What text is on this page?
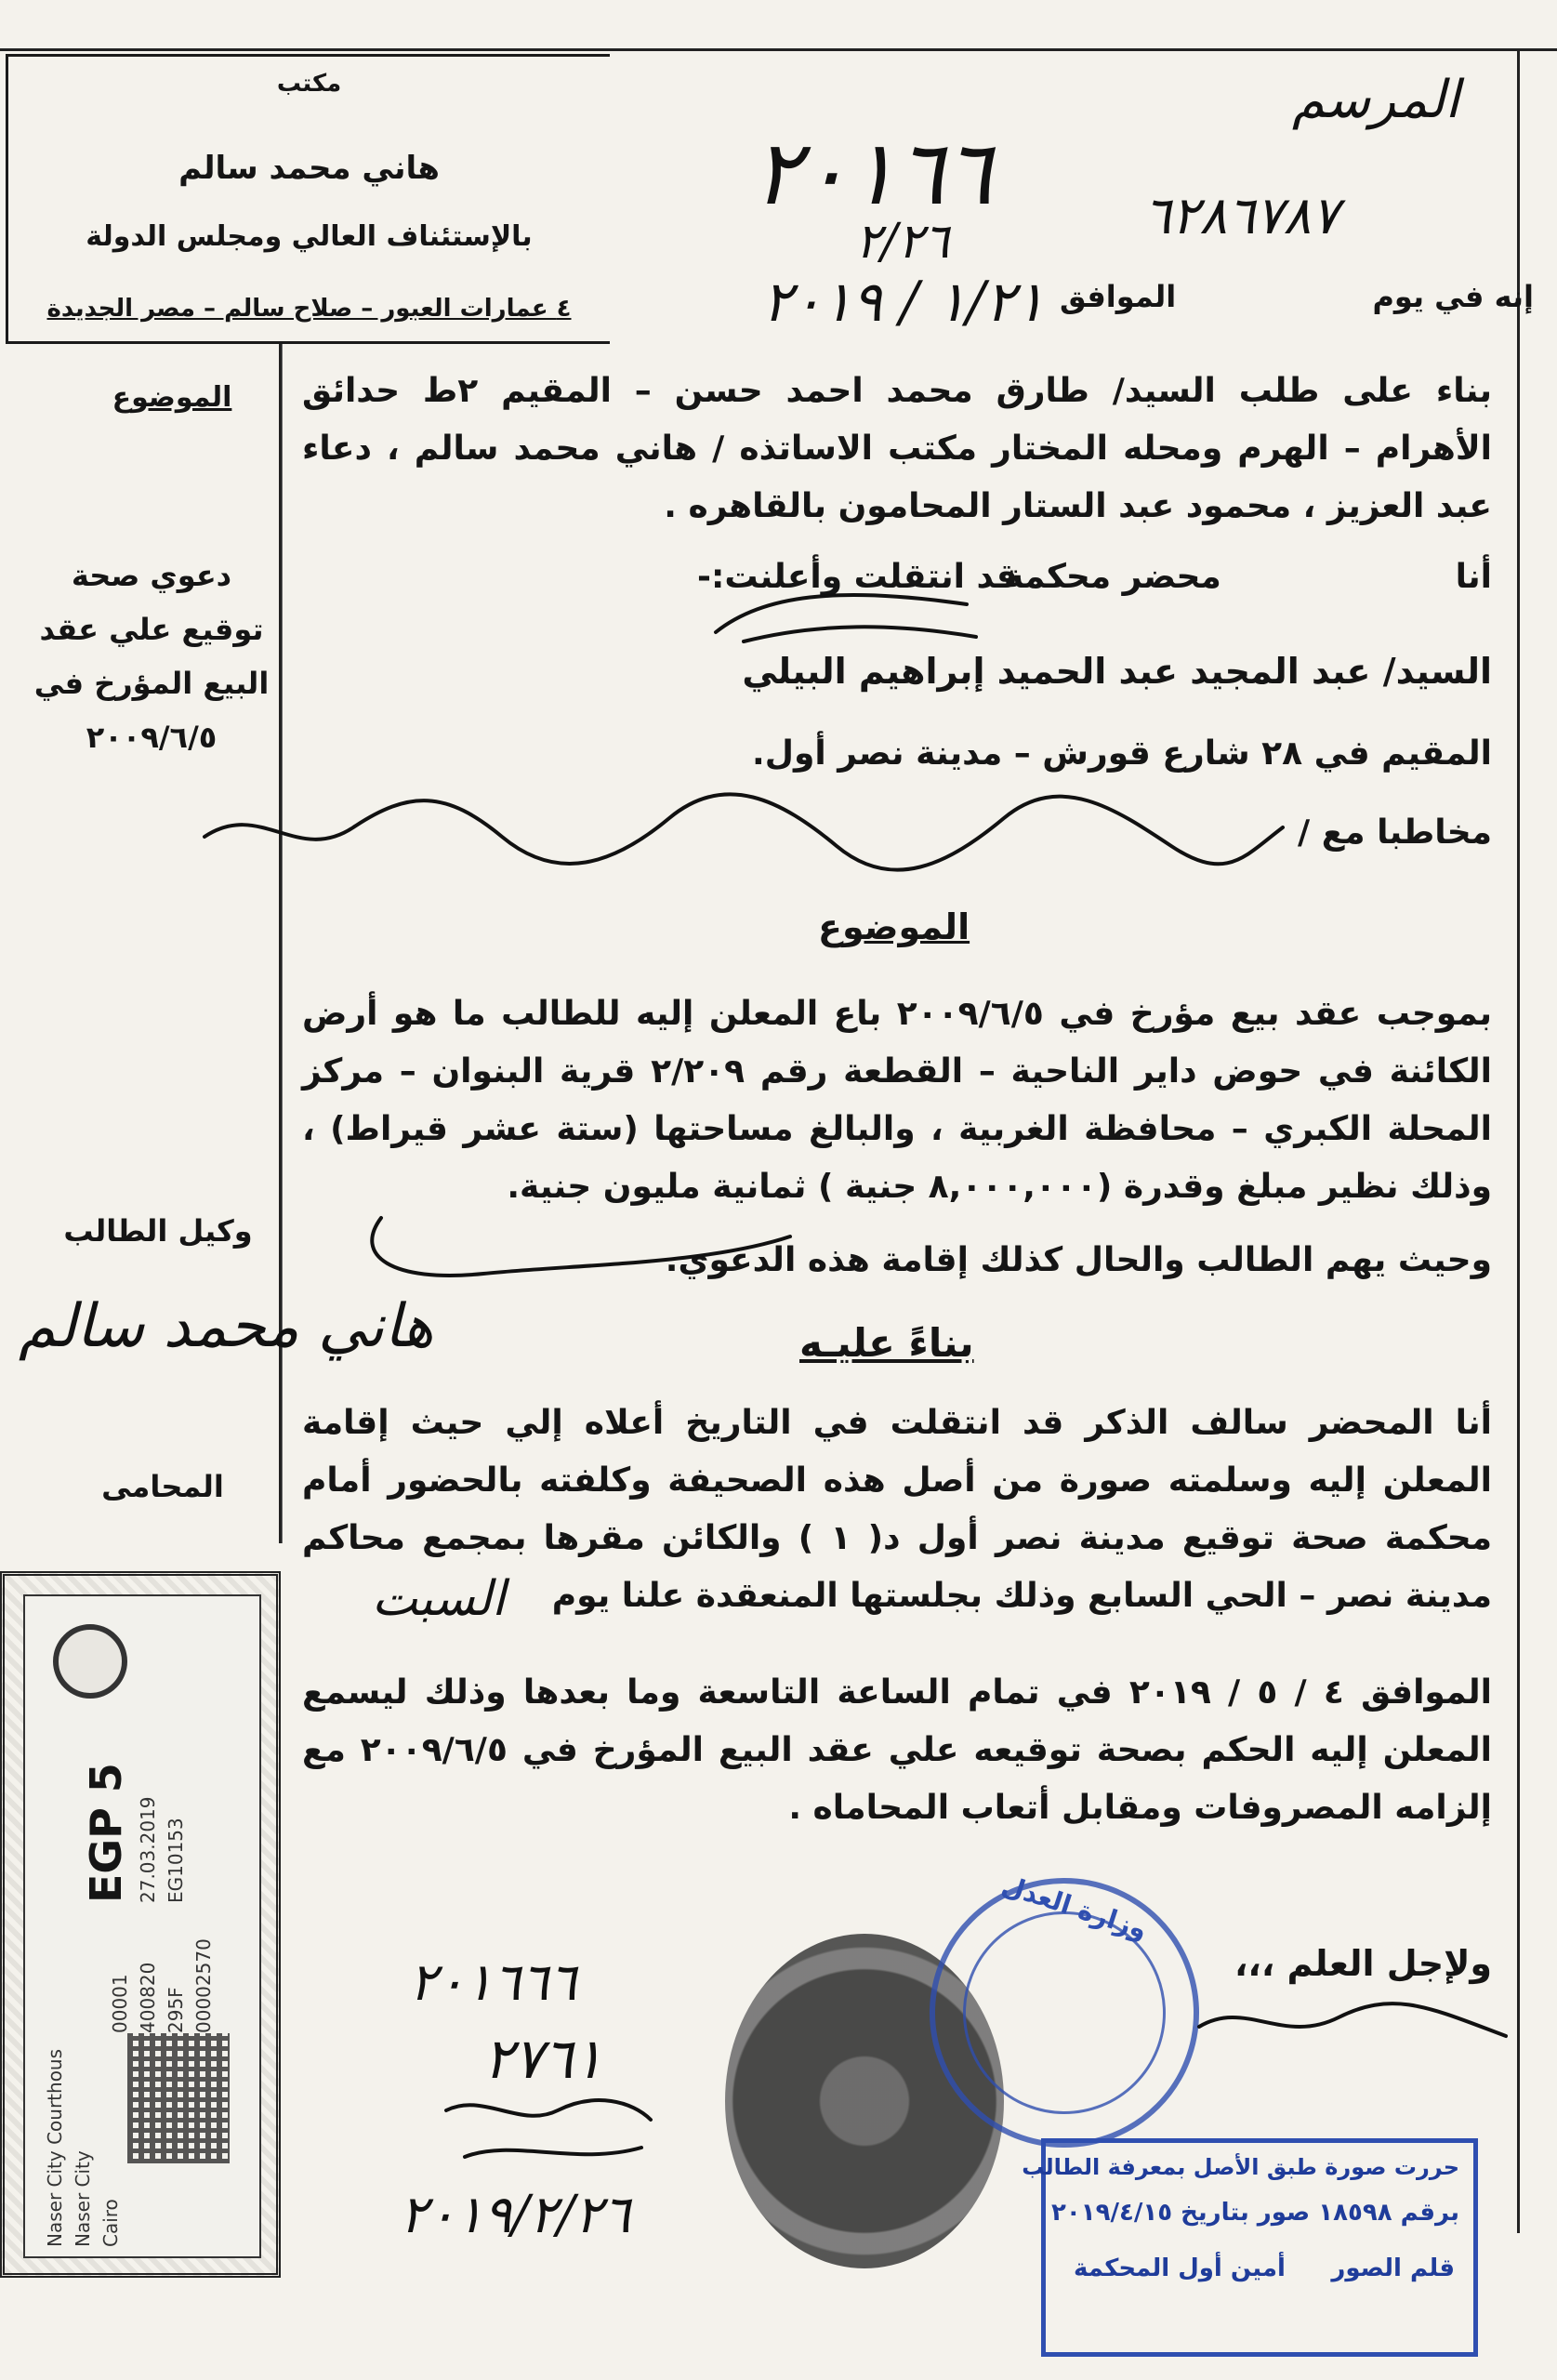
مكتب
هاني محمد سالم
بالإستئناف العالي ومجلس الدولة
٤ عمارات العبور – صلاح سالم – مصر الجديدة
٢٠١٦٦
المرسم
٦٢٨٦٧٨٧
٢/٢٦
١/٢١ / ٢٠١٩	إنه في يوم
الموافق
الموضوع
دعوي صحة توقيع علي عقد البيع المؤرخ في ٢٠٠٩/٦/٥
وكيل الطالب
هاني محمد سالم
المحامى
بناء على طلب السيد/ طارق محمد احمد حسن – المقيم ٢ط حدائق الأهرام – الهرم ومحله المختار مكتب الاساتذه / هاني محمد سالم ، دعاء عبد العزيز ، محمود عبد الستار المحامون بالقاهره .
أنا
محضر محكمة
قد انتقلت وأعلنت:-
السيد/ عبد المجيد عبد الحميد إبراهيم البيلي
المقيم في ٢٨ شارع قورش – مدينة نصر أول.
مخاطبا مع /
الموضوع
بموجب عقد بيع مؤرخ في ٢٠٠٩/٦/٥ باع المعلن إليه للطالب ما هو أرض الكائنة في حوض داير الناحية – القطعة رقم ٢/٢٠٩ قرية البنوان – مركز المحلة الكبري – محافظة الغربية ، والبالغ مساحتها (ستة عشر قيراط) ، وذلك نظير مبلغ وقدرة (٨,٠٠٠,٠٠٠ جنية ) ثمانية مليون جنية.
وحيث يهم الطالب والحال كذلك إقامة هذه الدعوي.
بناءً عليـه
أنا المحضر سالف الذكر قد انتقلت في التاريخ أعلاه إلي حيث إقامة المعلن إليه وسلمته صورة من أصل هذه الصحيفة وكلفته بالحضور أمام محكمة صحة توقيع مدينة نصر أول د( ١ ) والكائن مقرها بمجمع محاكم مدينة نصر – الحي السابع وذلك بجلستها المنعقدة علنا يوم
السبت
الموافق ٤ / ٥ / ٢٠١٩ في تمام الساعة التاسعة وما بعدها وذلك ليسمع المعلن إليه الحكم بصحة توقيعه علي عقد البيع المؤرخ في ٢٠٠٩/٦/٥ مع إلزامه المصروفات ومقابل أتعاب المحاماه .
ولإجل العلم ،،،
5 EGP
27.03.2019 EG10153
400820 295F 00002570
00001
Naser City Courthous Naser City Cairo
وزارة العدل
حررت صورة طبق الأصل بمعرفة الطالب
برقم ١٨٥٩٨ صور بتاريخ ٢٠١٩/٤/١٥
أمين أول المحكمة قلم الصور
٢٠١٦٦٦
٢٧٦١
٢٠١٩/٢/٢٦
